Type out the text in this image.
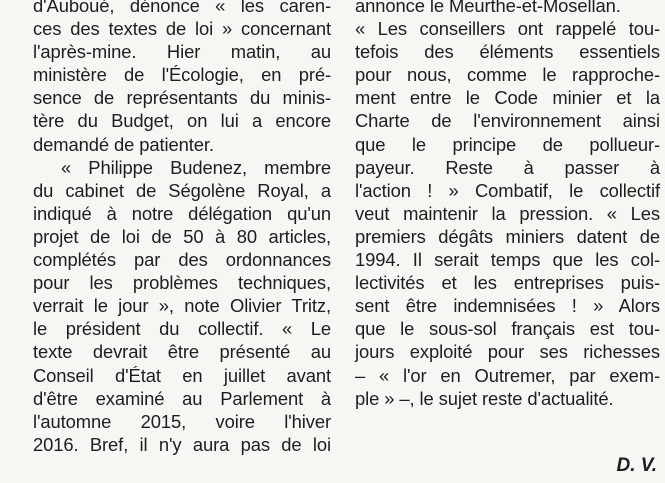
d'Auboué, dénonce « les caren-
ces des textes de loi » concernant
l'après-mine. Hier matin, au
ministère de l'Écologie, en pré-
sence de représentants du minis-
tère du Budget, on lui a encore
demandé de patienter.
« Philippe Budenez, membre
du cabinet de Ségolène Royal, a
indiqué à notre délégation qu'un
projet de loi de 50 à 80 articles,
complétés par des ordonnances
pour les problèmes techniques,
verrait le jour », note Olivier Tritz,
le président du collectif. « Le
texte devrait être présenté au
Conseil d'État en juillet avant
d'être examiné au Parlement à
l'automne 2015, voire l'hiver
2016. Bref, il n'y aura pas de loi
annonce le Meurthe-et-Mosellan.
« Les conseillers ont rappelé tou-
tefois des éléments essentiels
pour nous, comme le rapproche-
ment entre le Code minier et la
Charte de l'environnement ainsi
que le principe de pollueur-
payeur. Reste à passer à
l'action ! » Combatif, le collectif
veut maintenir la pression. « Les
premiers dégâts miniers datent de
1994. Il serait temps que les col-
lectivités et les entreprises puis-
sent être indemnisées ! » Alors
que le sous-sol français est tou-
jours exploité pour ses richesses
– « l'or en Outremer, par exem-
ple » –, le sujet reste d'actualité.
D. V.
